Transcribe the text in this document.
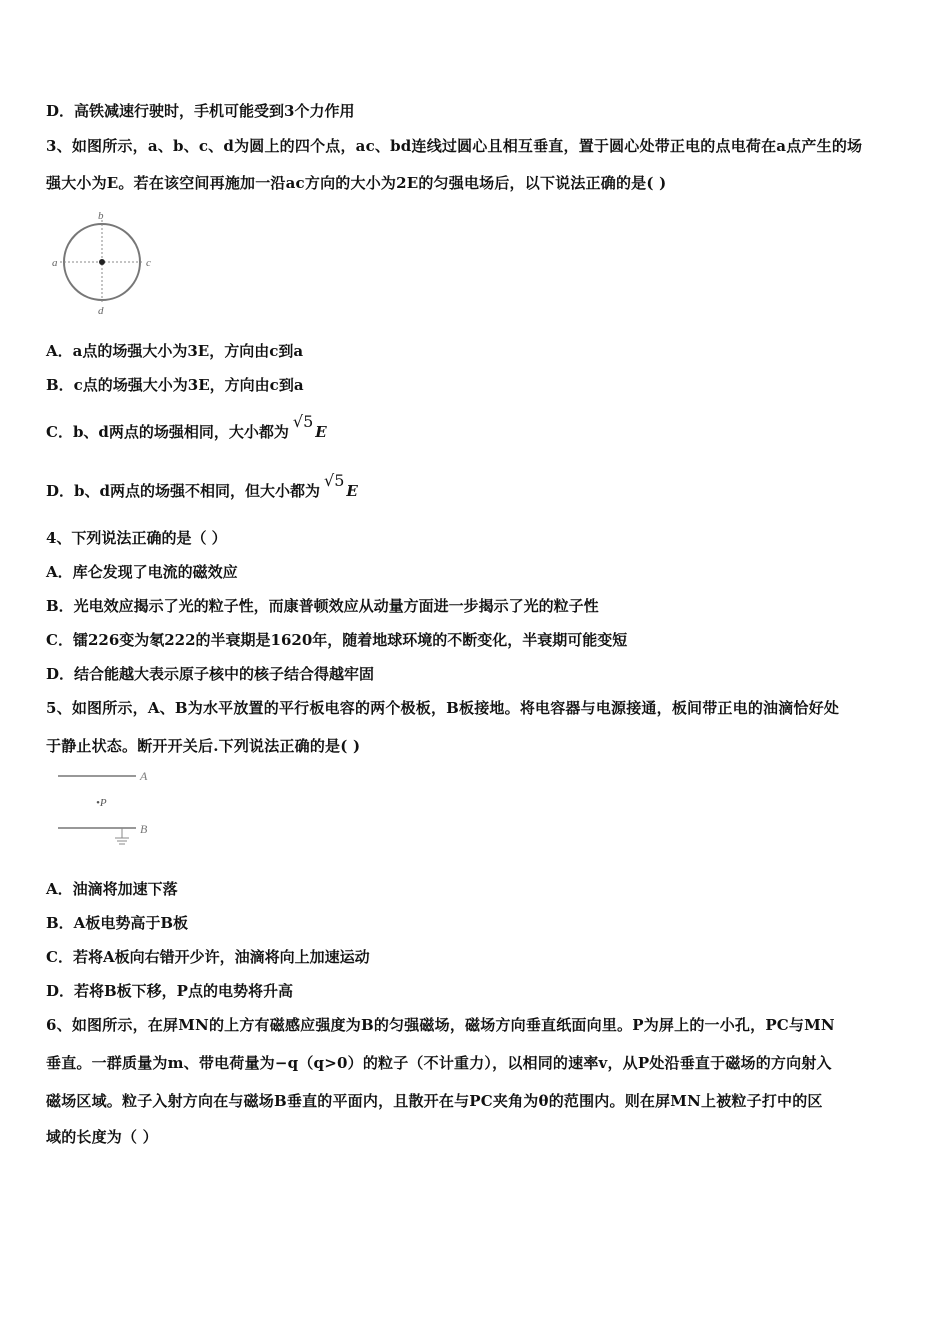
D．高铁减速行驶时，手机可能受到3个力作用
3、如图所示，a、b、c、d为圆上的四个点，ac、bd连线过圆心且相互垂直，置于圆心处带正电的点电荷在a点产生的场
强大小为E。若在该空间再施加一沿ac方向的大小为2E的匀强电场后，以下说法正确的是( )
a
b
c
d
A．a点的场强大小为3E，方向由c到a
B．c点的场强大小为3E，方向由c到a
C．b、d两点的场强相同，大小都为√5E
D．b、d两点的场强不相同，但大小都为√5E
4、下列说法正确的是（ ）
A．库仑发现了电流的磁效应
B．光电效应揭示了光的粒子性，而康普顿效应从动量方面进一步揭示了光的粒子性
C．镭226变为氡222的半衰期是1620年，随着地球环境的不断变化，半衰期可能变短
D．结合能越大表示原子核中的核子结合得越牢固
5、如图所示，A、B为水平放置的平行板电容的两个极板，B板接地。将电容器与电源接通，板间带正电的油滴恰好处
于静止状态。断开开关后.下列说法正确的是( )
A
•P
B
A．油滴将加速下落
B．A板电势高于B板
C．若将A板向右错开少许，油滴将向上加速运动
D．若将B板下移，P点的电势将升高
6、如图所示，在屏MN的上方有磁感应强度为B的匀强磁场，磁场方向垂直纸面向里。P为屏上的一小孔，PC与MN
垂直。一群质量为m、带电荷量为−q（q>0）的粒子（不计重力），以相同的速率v，从P处沿垂直于磁场的方向射入
磁场区域。粒子入射方向在与磁场B垂直的平面内，且散开在与PC夹角为θ的范围内。则在屏MN上被粒子打中的区
域的长度为（ ）
